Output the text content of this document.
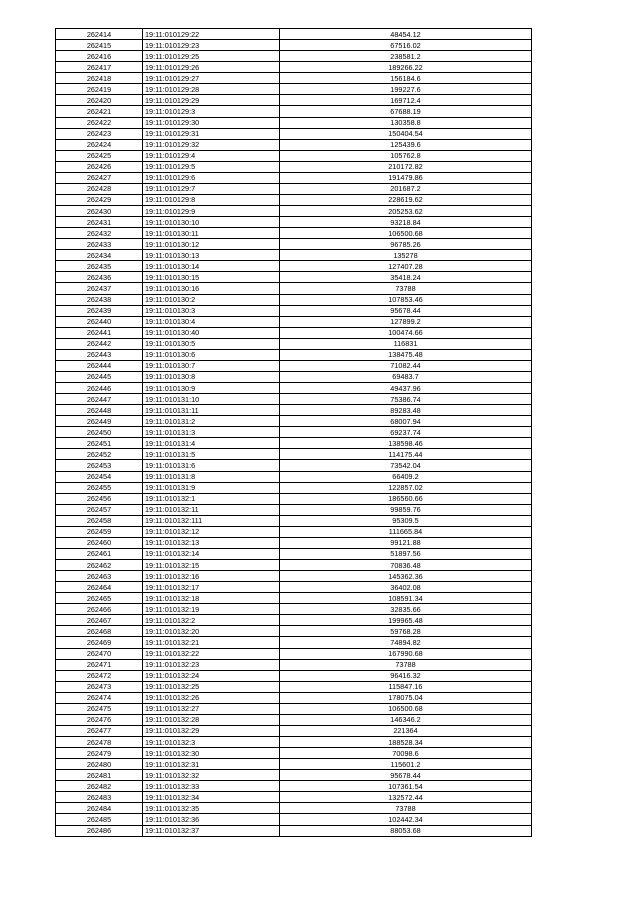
262414	19:11:010129:22	48454.12
262415	19:11:010129:23	67516.02
262416	19:11:010129:25	238581.2
262417	19:11:010129:26	189266.22
262418	19:11:010129:27	156184.6
262419	19:11:010129:28	199227.6
262420	19:11:010129:29	169712.4
262421	19:11:010129:3	67688.19
262422	19:11:010129:30	130358.8
262423	19:11:010129:31	150404.54
262424	19:11:010129:32	125439.6
262425	19:11:010129:4	105762.8
262426	19:11:010129:5	210172.82
262427	19:11:010129:6	191479.86
262428	19:11:010129:7	201687.2
262429	19:11:010129:8	228619.62
262430	19:11:010129:9	205253.62
262431	19:11:010130:10	93218.84
262432	19:11:010130:11	106500.68
262433	19:11:010130:12	96785.26
262434	19:11:010130:13	135278
262435	19:11:010130:14	127407.28
262436	19:11:010130:15	35418.24
262437	19:11:010130:16	73788
262438	19:11:010130:2	107853.46
262439	19:11:010130:3	95678.44
262440	19:11:010130:4	127899.2
262441	19:11:010130:40	100474.66
262442	19:11:010130:5	116831
262443	19:11:010130:6	138475.48
262444	19:11:010130:7	71082.44
262445	19:11:010130:8	69483.7
262446	19:11:010130:9	49437.96
262447	19:11:010131:10	75386.74
262448	19:11:010131:11	89283.48
262449	19:11:010131:2	68007.94
262450	19:11:010131:3	69237.74
262451	19:11:010131:4	138598.46
262452	19:11:010131:5	114175.44
262453	19:11:010131:6	73542.04
262454	19:11:010131:8	66409.2
262455	19:11:010131:9	122857.02
262456	19:11:010132:1	186560.66
262457	19:11:010132:11	99859.76
262458	19:11:010132:111	95309.5
262459	19:11:010132:12	111665.84
262460	19:11:010132:13	99121.88
262461	19:11:010132:14	51897.56
262462	19:11:010132:15	70836.48
262463	19:11:010132:16	145362.36
262464	19:11:010132:17	36402.08
262465	19:11:010132:18	108591.34
262466	19:11:010132:19	32835.66
262467	19:11:010132:2	199965.48
262468	19:11:010132:20	59768.28
262469	19:11:010132:21	74894.82
262470	19:11:010132:22	167990.68
262471	19:11:010132:23	73788
262472	19:11:010132:24	96416.32
262473	19:11:010132:25	115847.16
262474	19:11:010132:26	178075.04
262475	19:11:010132:27	106500.68
262476	19:11:010132:28	146346.2
262477	19:11:010132:29	221364
262478	19:11:010132:3	188528.34
262479	19:11:010132:30	70098.6
262480	19:11:010132:31	115601.2
262481	19:11:010132:32	95678.44
262482	19:11:010132:33	107361.54
262483	19:11:010132:34	132572.44
262484	19:11:010132:35	73788
262485	19:11:010132:36	102442.34
262486	19:11:010132:37	88053.68
